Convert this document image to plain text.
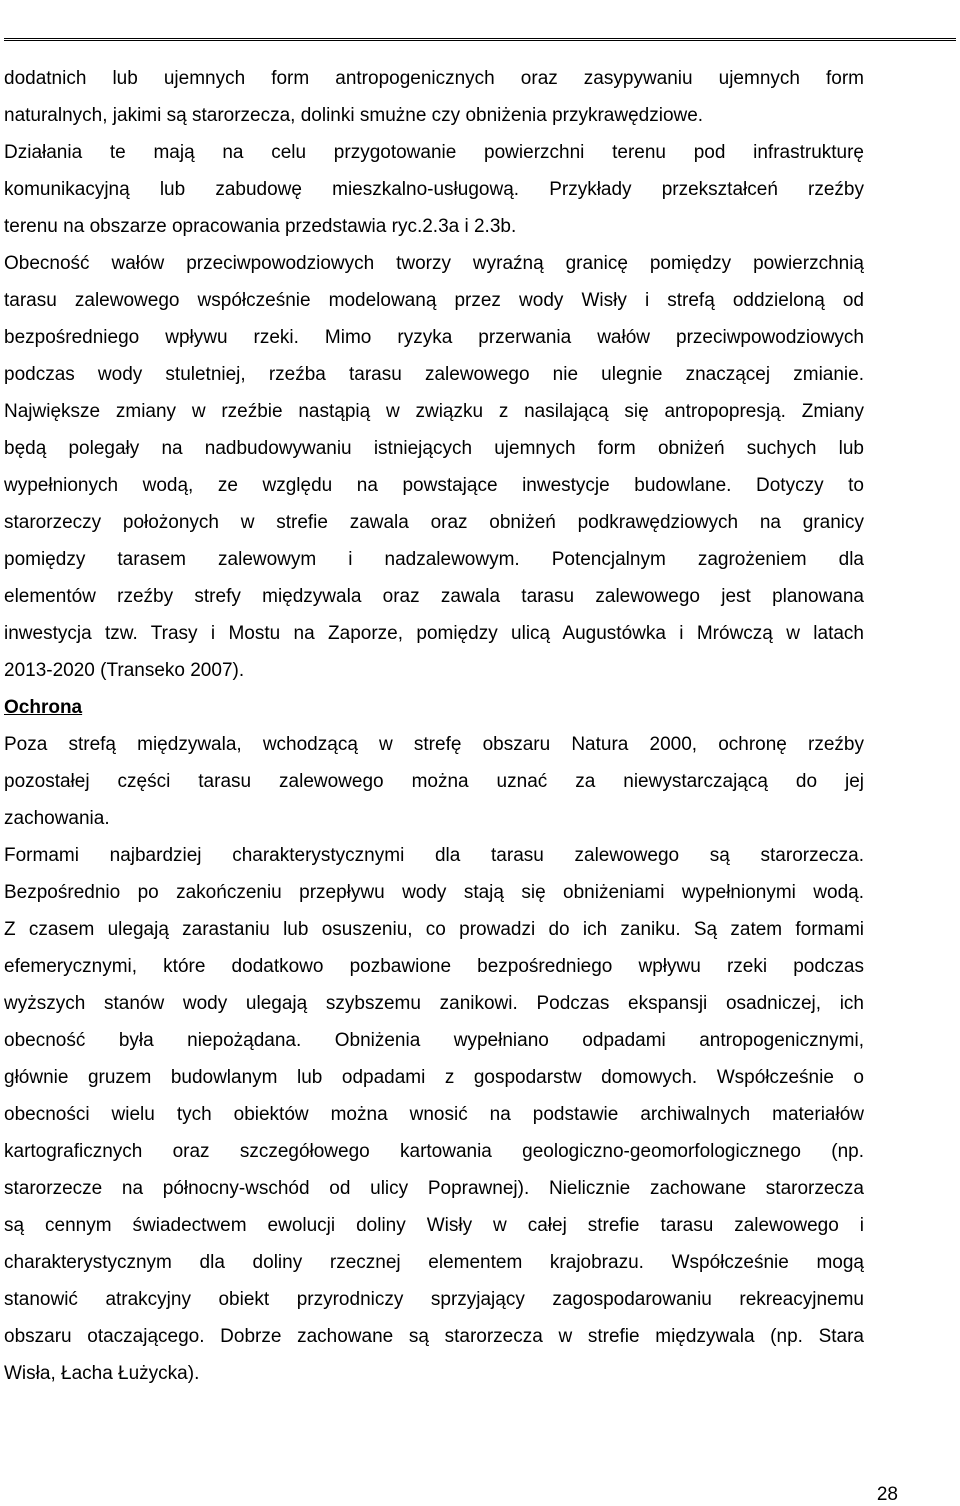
Studium ekofizjograficzne dla obszaru położonego w rejonie Zakola Wawerskiego...	2008
dodatnich lub ujemnych form antropogenicznych oraz zasypywaniu ujemnych form
naturalnych, jakimi są starorzecza, dolinki smużne czy obniżenia przykrawędziowe.
Działania te mają na celu przygotowanie powierzchni terenu pod infrastrukturę
komunikacyjną lub zabudowę mieszkalno-usługową. Przykłady przekształceń rzeźby
terenu na obszarze opracowania przedstawia ryc.2.3a i 2.3b.
Obecność wałów przeciwpowodziowych tworzy wyraźną granicę pomiędzy powierzchnią
tarasu zalewowego współcześnie modelowaną przez wody Wisły i strefą oddzieloną od
bezpośredniego wpływu rzeki. Mimo ryzyka przerwania wałów przeciwpowodziowych
podczas wody stuletniej, rzeźba tarasu zalewowego nie ulegnie znaczącej zmianie.
Największe zmiany w rzeźbie nastąpią w związku z nasilającą się antropopresją. Zmiany
będą polegały na nadbudowywaniu istniejących ujemnych form obniżeń suchych lub
wypełnionych wodą, ze względu na powstające inwestycje budowlane. Dotyczy to
starorzeczy położonych w strefie zawala oraz obniżeń podkrawędziowych na granicy
pomiędzy tarasem zalewowym i nadzalewowym. Potencjalnym zagrożeniem dla
elementów rzeźby strefy międzywala oraz zawala tarasu zalewowego jest planowana
inwestycja tzw. Trasy i Mostu na Zaporze, pomiędzy ulicą Augustówka i Mrówczą w latach
2013-2020 (Transeko 2007).
Ochrona
Poza strefą międzywala, wchodzącą w strefę obszaru Natura 2000, ochronę rzeźby
pozostałej części tarasu zalewowego można uznać za niewystarczającą do jej
zachowania.
Formami najbardziej charakterystycznymi dla tarasu zalewowego są starorzecza.
Bezpośrednio po zakończeniu przepływu wody stają się obniżeniami wypełnionymi wodą.
Z czasem ulegają zarastaniu lub osuszeniu, co prowadzi do ich zaniku. Są zatem formami
efemerycznymi, które dodatkowo pozbawione bezpośredniego wpływu rzeki podczas
wyższych stanów wody ulegają szybszemu zanikowi. Podczas ekspansji osadniczej, ich
obecność była niepożądana. Obniżenia wypełniano odpadami antropogenicznymi,
głównie gruzem budowlanym lub odpadami z gospodarstw domowych. Współcześnie o
obecności wielu tych obiektów można wnosić na podstawie archiwalnych materiałów
kartograficznych oraz szczegółowego kartowania geologiczno-geomorfologicznego (np.
starorzecze na północny-wschód od ulicy Poprawnej). Nielicznie zachowane starorzecza
są cennym świadectwem ewolucji doliny Wisły w całej strefie tarasu zalewowego i
charakterystycznym dla doliny rzecznej elementem krajobrazu. Współcześnie mogą
stanowić atrakcyjny obiekt przyrodniczy sprzyjający zagospodarowaniu rekreacyjnemu
obszaru otaczającego. Dobrze zachowane są starorzecza w strefie międzywala (np. Stara
Wisła, Łacha Łużycka).
28
